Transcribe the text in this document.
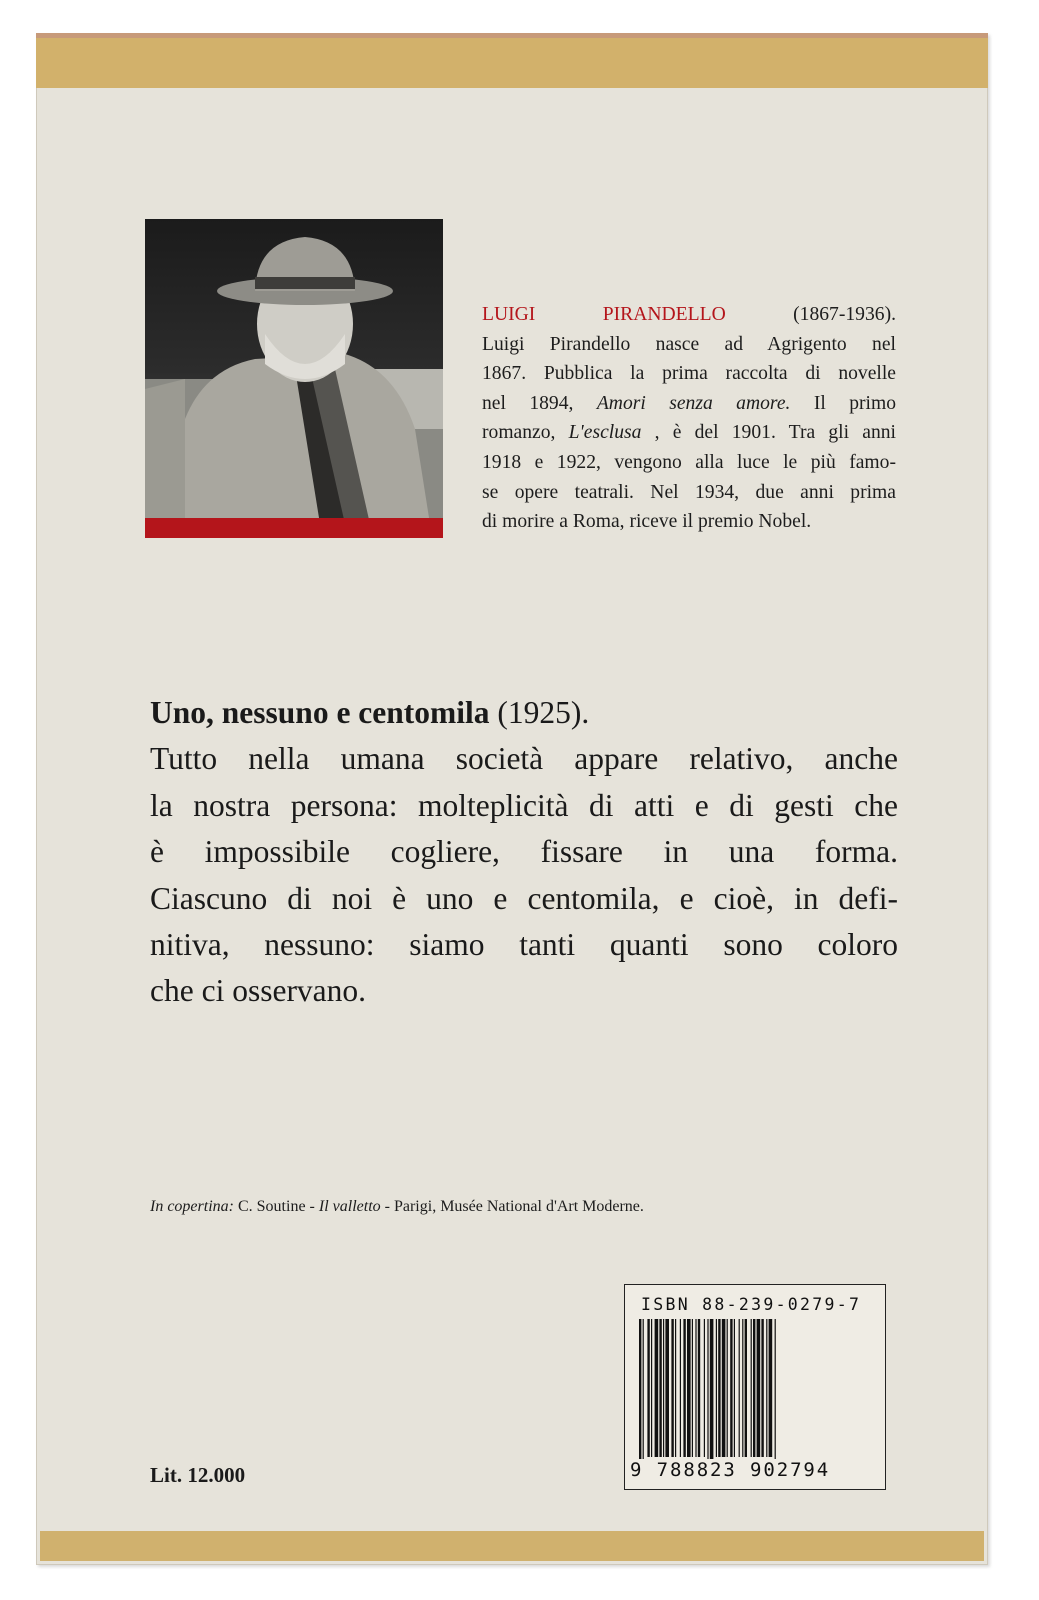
LUIGI PIRANDELLO	(1867-1936).
Luigi Pirandello nasce ad Agrigento nel
1867. Pubblica la prima raccolta di novelle
nel 1894, Amori senza amore. Il primo
romanzo, L'esclusa , è del 1901. Tra gli anni
1918 e 1922, vengono alla luce le più famo-
se opere teatrali. Nel 1934, due anni prima
di morire a Roma, riceve il premio Nobel.
Uno, nessuno e centomila (1925).
Tutto nella umana società appare relativo, anche
la nostra persona: molteplicità di atti e di gesti che
è impossibile cogliere, fissare in una forma.
Ciascuno di noi è uno e centomila, e cioè, in defi-
nitiva, nessuno: siamo tanti quanti sono coloro
che ci osservano.
In copertina: C. Soutine - Il valletto - Parigi, Musée National d'Art Moderne.
ISBN 88-239-0279-7
9 788823 902794
Lit. 12.000
